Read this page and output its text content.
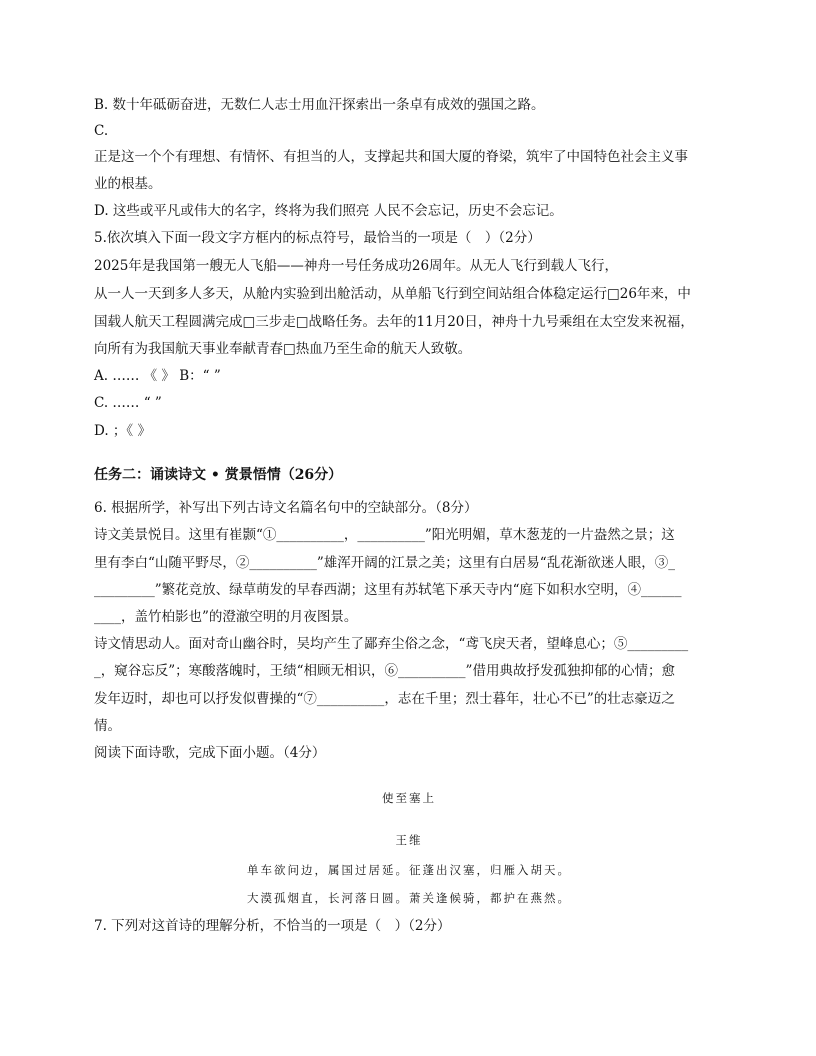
B. 数十年砥砺奋进，无数仁人志士用血汗探索出一条卓有成效的强国之路。
C.
正是这一个个有理想、有情怀、有担当的人，支撑起共和国大厦的脊梁，筑牢了中国特色社会主义事
业的根基。
D. 这些或平凡或伟大的名字，终将为我们照亮 人民不会忘记，历史不会忘记。
5.依次填入下面一段文字方框内的标点符号，最恰当的一项是（　）（2分）
2025年是我国第一艘无人飞船——神舟一号任务成功26周年。从无人飞行到载人飞行，
从一人一天到多人多天，从舱内实验到出舱活动，从单船飞行到空间站组合体稳定运行□26年来，中
国载人航天工程圆满完成□三步走□战略任务。去年的11月20日，神舟十九号乘组在太空发来祝福，
向所有为我国航天事业奉献青春□热血乃至生命的航天人致敬。
A. …… 《 》 B：“ ”
C. …… “ ”
D. ；《 》
任务二：诵读诗文 • 赏景悟情（26分）
6. 根据所学，补写出下列古诗文名篇名句中的空缺部分。（8分）
诗文美景悦目。这里有崔颢“①__________，__________”阳光明媚，草木葱茏的一片盎然之景；这
里有李白“山随平野尽，②__________”雄浑开阔的江景之美；这里有白居易“乱花渐欲迷人眼，③_
_________”繁花竞放、绿草萌发的早春西湖；这里有苏轼笔下承天寺内“庭下如积水空明，④______
____，盖竹柏影也”的澄澈空明的月夜图景。
诗文情思动人。面对奇山幽谷时，吴均产生了鄙弃尘俗之念，“鸢飞戾天者，望峰息心；⑤_________
_，窥谷忘反”；寒酸落魄时，王绩“相顾无相识，⑥__________”借用典故抒发孤独抑郁的心情；愈
发年迈时，却也可以抒发似曹操的“⑦__________，志在千里；烈士暮年，壮心不已”的壮志豪迈之
情。
阅读下面诗歌，完成下面小题。（4分）
使至塞上
王维
单车欲问边，属国过居延。征蓬出汉塞，归雁入胡天。
大漠孤烟直，长河落日圆。萧关逢候骑，都护在燕然。
7. 下列对这首诗的理解分析，不恰当的一项是（　）（2分）
